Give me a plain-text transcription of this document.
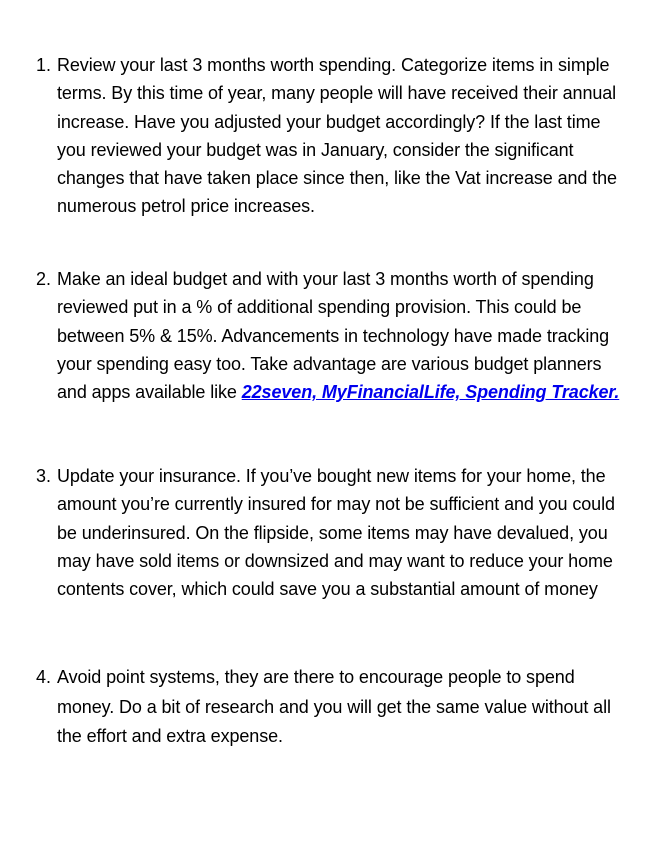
1. Review your last 3 months worth spending. Categorize items in simple terms. By this time of year, many people will have received their annual increase. Have you adjusted your budget accordingly? If the last time you reviewed your budget was in January, consider the significant changes that have taken place since then, like the Vat increase and the numerous petrol price increases.
2. Make an ideal budget and with your last 3 months worth of spending reviewed put in a % of additional spending provision. This could be between 5% & 15%. Advancements in technology have made tracking your spending easy too. Take advantage are various budget planners and apps available like 22seven, MyFinancialLife, Spending Tracker.
3. Update your insurance. If you’ve bought new items for your home, the amount you’re currently insured for may not be sufficient and you could be underinsured. On the flipside, some items may have devalued, you may have sold items or downsized and may want to reduce your home contents cover, which could save you a substantial amount of money
4. Avoid point systems, they are there to encourage people to spend money. Do a bit of research and you will get the same value without all the effort and extra expense.
